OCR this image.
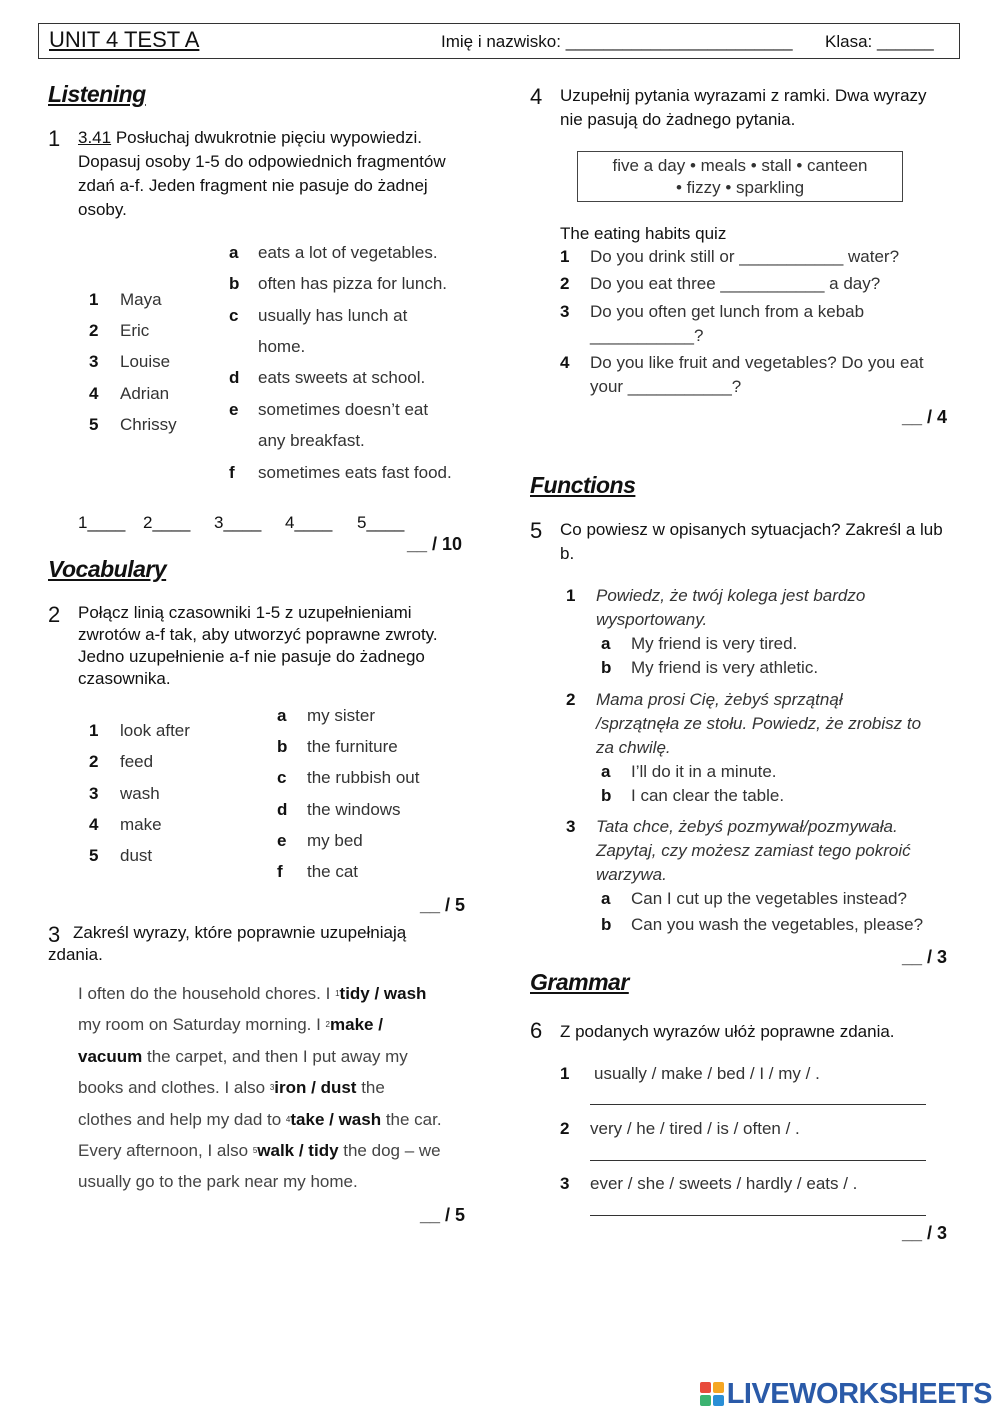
UNIT 4 TEST A	Imię i nazwisko: ________________________ Klasa: ______
Listening
1 3.41 Posłuchaj dwukrotnie pięciu wypowiedzi. Dopasuj osoby 1-5 do odpowiednich fragmentów zdań a-f. Jeden fragment nie pasuje do żadnej osoby.
1 Maya
2 Eric
3 Louise
4 Adrian
5 Chrissy
a eats a lot of vegetables.
b often has pizza for lunch.
c usually has lunch at
home.
d eats sweets at school.
e sometimes doesn’t eat
any breakfast.
f sometimes eats fast food.
1____ 2____ 3____ 4____ 5____
__ / 10
Vocabulary
2 Połącz linią czasowniki 1-5 z uzupełnieniami zwrotów a-f tak, aby utworzyć poprawne zwroty. Jedno uzupełnienie a-f nie pasuje do żadnego czasownika.
1 look after
2 feed
3 wash
4 make
5 dust
a my sister
b the furniture
c the rubbish out
d the windows
e my bed
f the cat
__ / 5
3 Zakreśl wyrazy, które poprawnie uzupełniają zdania.
I often do the household chores. I $^1$tidy / wash
my room on Saturday morning. I $^2$make /
vacuum the carpet, and then I put away my
books and clothes. I also $^3$iron / dust the
clothes and help my dad to $^4$take / wash the car.
Every afternoon, I also $^5$walk / tidy the dog – we
usually go to the park near my home.
__ / 5
4 Uzupełnij pytania wyrazami z ramki. Dwa wyrazy nie pasują do żadnego pytania.
five a day • meals • stall • canteen
• fizzy • sparkling
The eating habits quiz
1 Do you drink still or ___________ water?
2 Do you eat three ___________ a day?
3 Do you often get lunch from a kebab
___________?
4 Do you like fruit and vegetables? Do you eat
your ___________?
__ / 4
Functions
5 Co powiesz w opisanych sytuacjach? Zakreśl a lub b.
1 Powiedz, że twój kolega jest bardzo
wysportowany.
a My friend is very tired.
b My friend is very athletic.
2 Mama prosi Cię, żebyś sprzątnął
/sprzątnęła ze stołu. Powiedz, że zrobisz to
za chwilę.
a I’ll do it in a minute.
b I can clear the table.
3 Tata chce, żebyś pozmywał/pozmywała.
Zapytaj, czy możesz zamiast tego pokroić
warzywa.
a Can I cut up the vegetables instead?
b Can you wash the vegetables, please?
__ / 3
Grammar
6 Z podanych wyrazów ułóż poprawne zdania.
1 usually / make / bed / I / my / .
2 very / he / tired / is / often / .
3 ever / she / sweets / hardly / eats / .
__ / 3
LIVEWORKSHEETS
